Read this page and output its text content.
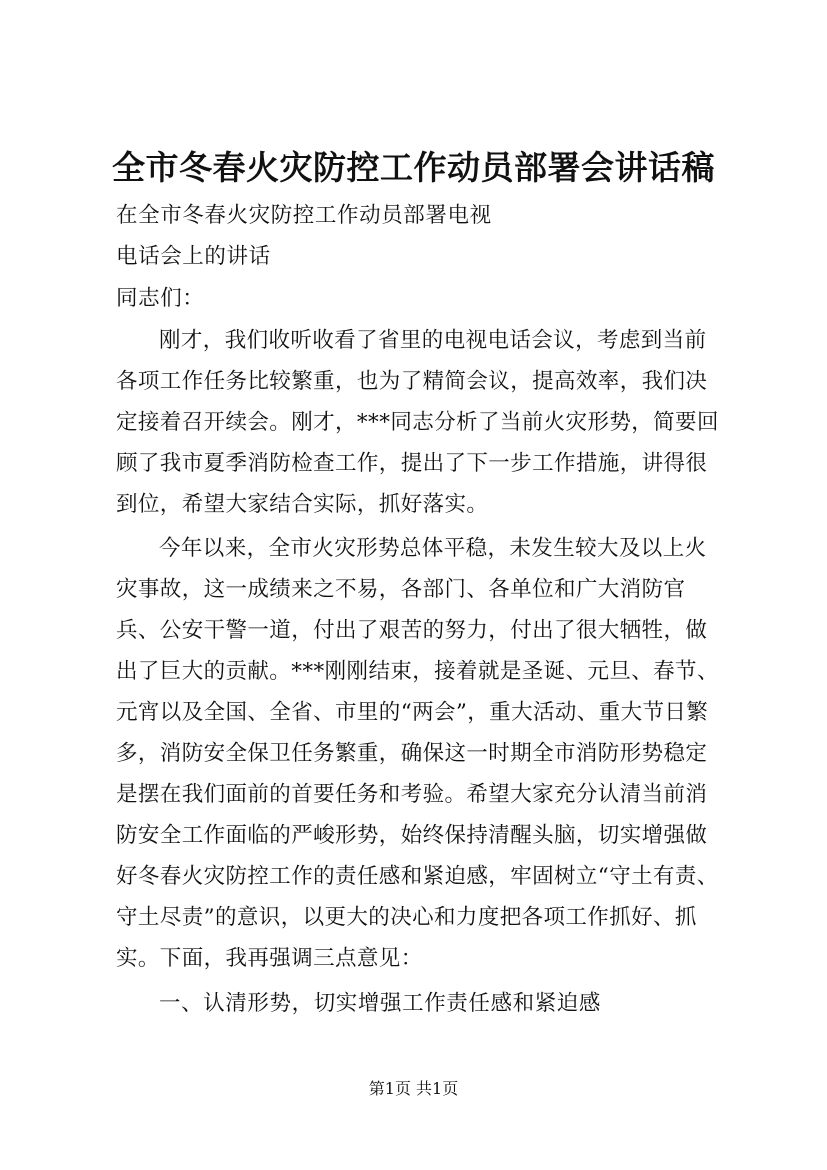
全市冬春火灾防控工作动员部署会讲话稿
在全市冬春火灾防控工作动员部署电视
电话会上的讲话
同志们：

刚才，我们收听收看了省里的电视电话会议，考虑到当前各项工作任务比较繁重，也为了精简会议，提高效率，我们决定接着召开续会。刚才，***同志分析了当前火灾形势，简要回顾了我市夏季消防检查工作，提出了下一步工作措施，讲得很到位，希望大家结合实际，抓好落实。

今年以来，全市火灾形势总体平稳，未发生较大及以上火灾事故，这一成绩来之不易，各部门、各单位和广大消防官兵、公安干警一道，付出了艰苦的努力，付出了很大牺牲，做出了巨大的贡献。***刚刚结束，接着就是圣诞、元旦、春节、元宵以及全国、全省、市里的“两会”，重大活动、重大节日繁多，消防安全保卫任务繁重，确保这一时期全市消防形势稳定是摆在我们面前的首要任务和考验。希望大家充分认清当前消防安全工作面临的严峻形势，始终保持清醒头脑，切实增强做好冬春火灾防控工作的责任感和紧迫感，牢固树立“守土有责、守土尽责”的意识，以更大的决心和力度把各项工作抓好、抓实。下面，我再强调三点意见：

一、认清形势，切实增强工作责任感和紧迫感
第1页 共1页
